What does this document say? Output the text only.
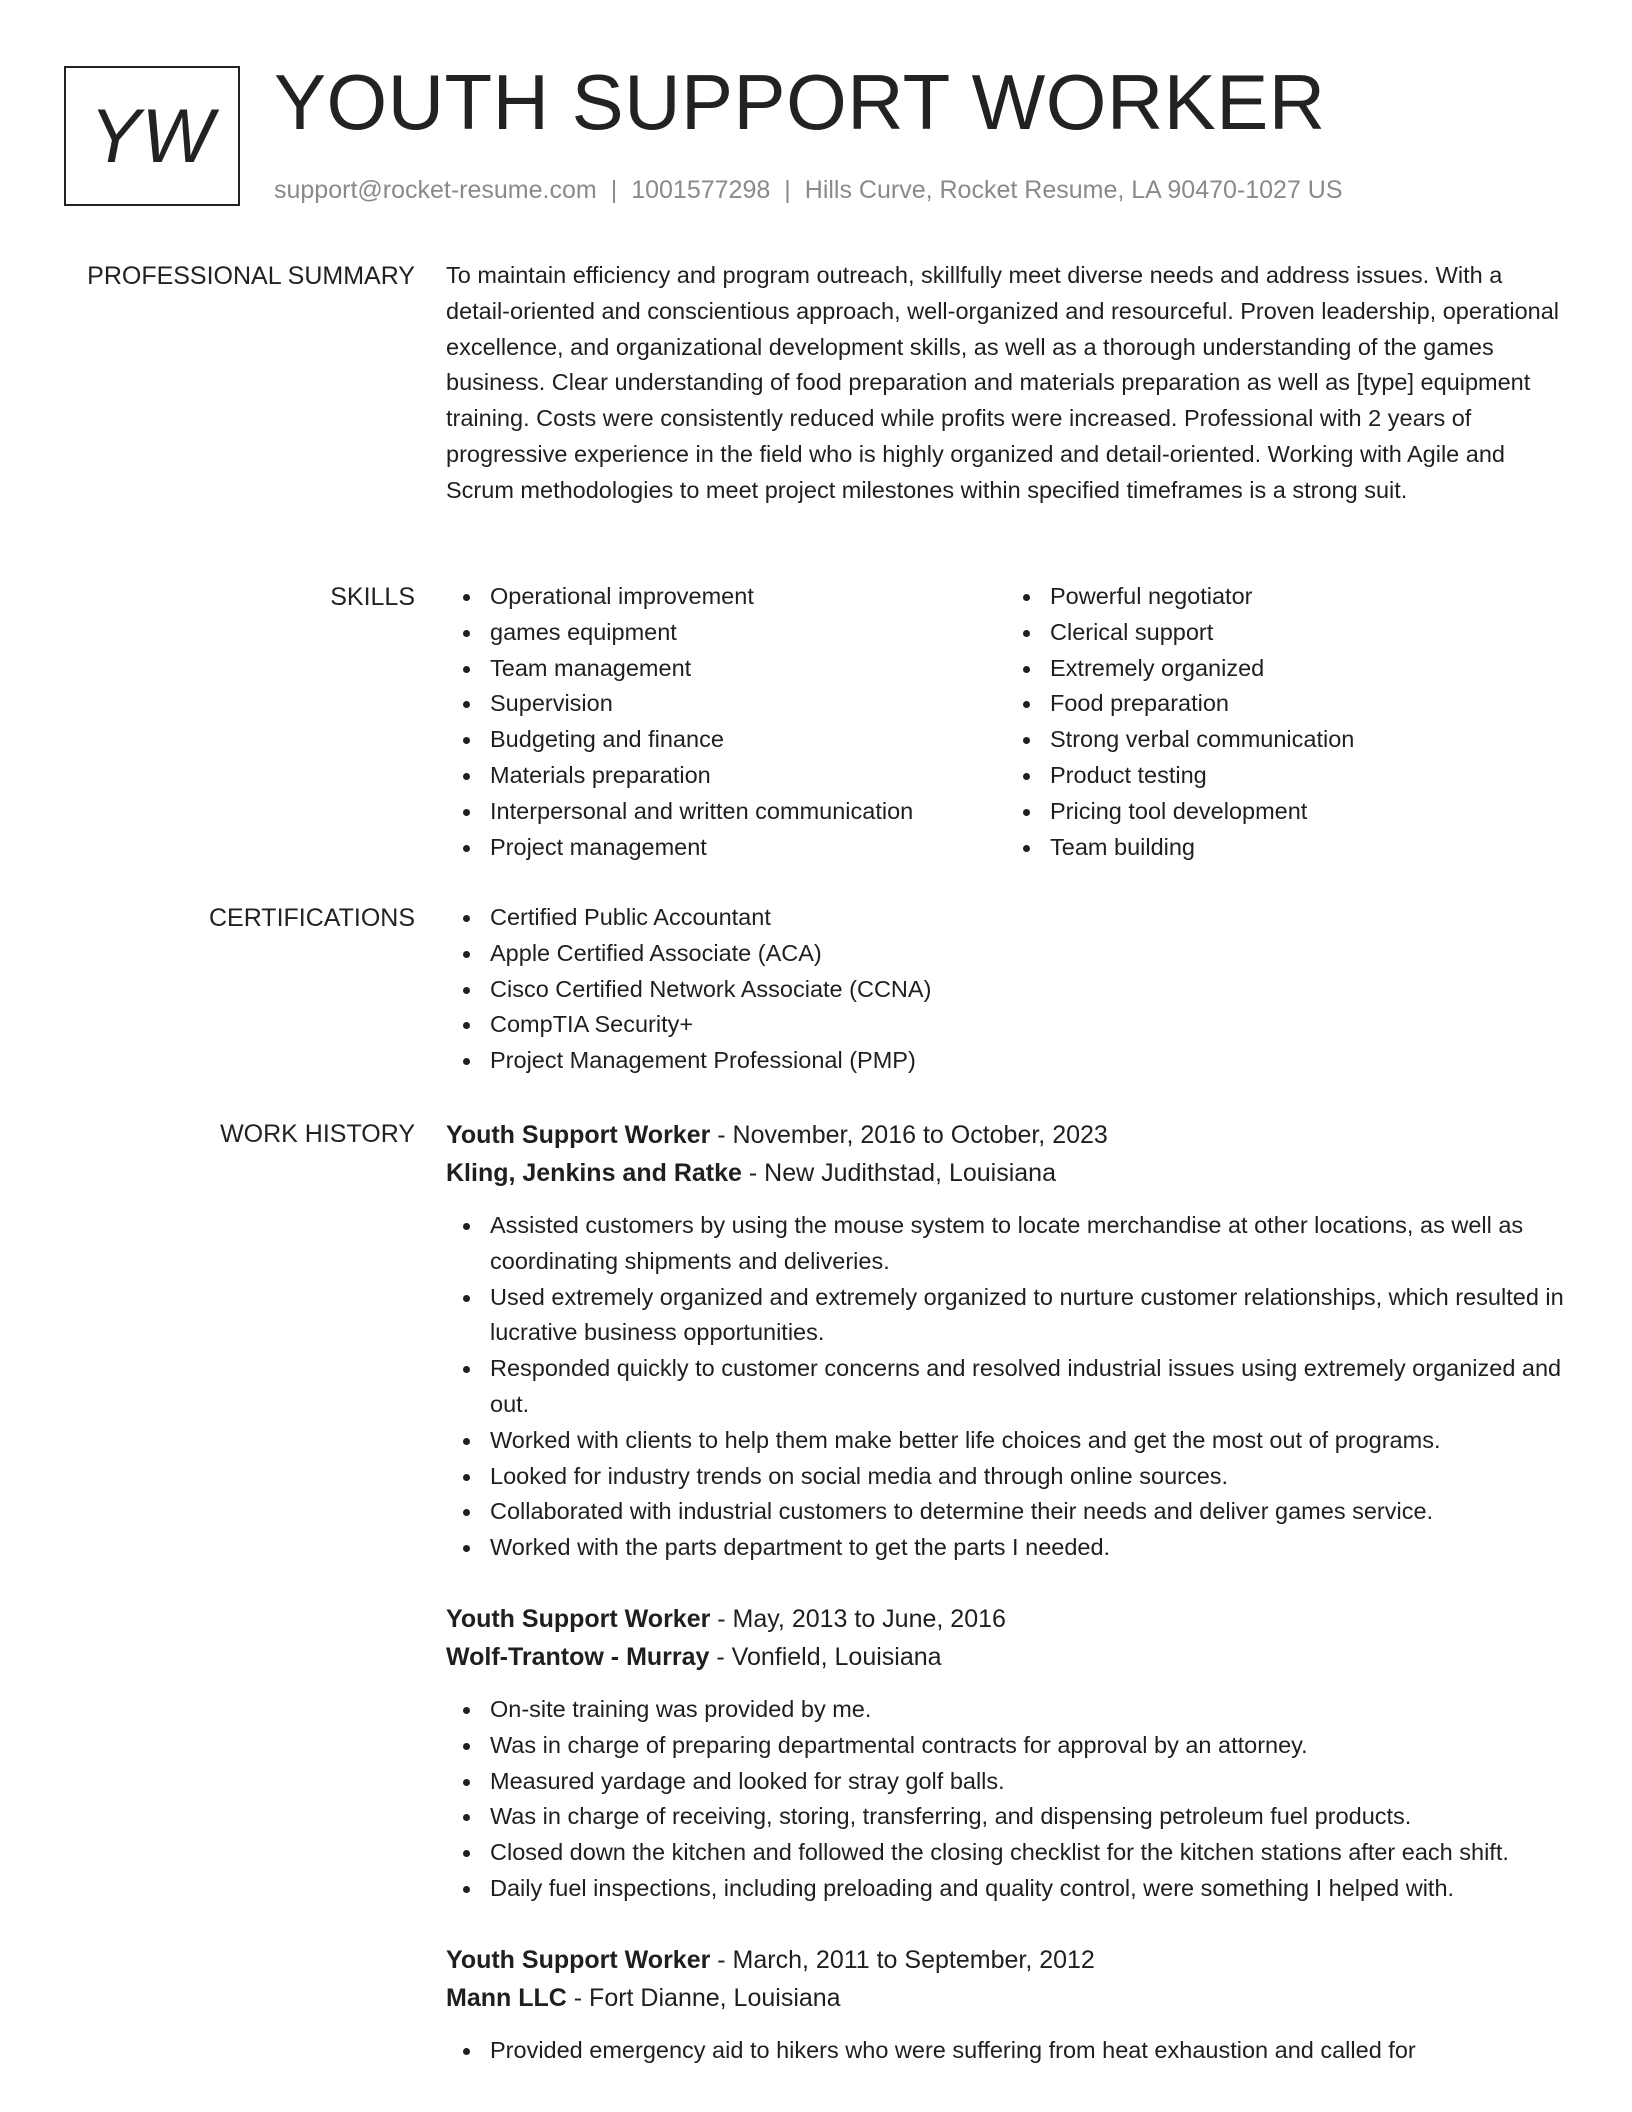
YW YOUTH SUPPORT WORKER
support@rocket-resume.com | 1001577298 | Hills Curve, Rocket Resume, LA 90470-1027 US
PROFESSIONAL SUMMARY To maintain efficiency and program outreach, skillfully meet diverse needs and address issues. With a detail-oriented and conscientious approach, well-organized and resourceful. Proven leadership, operational excellence, and organizational development skills, as well as a thorough understanding of the games business. Clear understanding of food preparation and materials preparation as well as [type] equipment training. Costs were consistently reduced while profits were increased. Professional with 2 years of progressive experience in the field who is highly organized and detail-oriented. Working with Agile and Scrum methodologies to meet project milestones within specified timeframes is a strong suit.

SKILLS	Operational improvement
games equipment
Team management
Supervision
Budgeting and finance
Materials preparation
Interpersonal and written communication
Project management
Powerful negotiator
Clerical support
Extremely organized
Food preparation
Strong verbal communication
Product testing
Pricing tool development
Team building
CERTIFICATIONS	Certified Public Accountant
Apple Certified Associate (ACA)
Cisco Certified Network Associate (CCNA)
CompTIA Security+
Project Management Professional (PMP)
WORK HISTORY Youth Support Worker - November, 2016 to October, 2023
Kling, Jenkins and Ratke - New Judithstad, Louisiana
Assisted customers by using the mouse system to locate merchandise at other locations, as well as coordinating shipments and deliveries.
Used extremely organized and extremely organized to nurture customer relationships, which resulted in lucrative business opportunities.
Responded quickly to customer concerns and resolved industrial issues using extremely organized and out.
Worked with clients to help them make better life choices and get the most out of programs.
Looked for industry trends on social media and through online sources.
Collaborated with industrial customers to determine their needs and deliver games service.
Worked with the parts department to get the parts I needed.
Youth Support Worker - May, 2013 to June, 2016
Wolf-Trantow - Murray - Vonfield, Louisiana
On-site training was provided by me.
Was in charge of preparing departmental contracts for approval by an attorney.
Measured yardage and looked for stray golf balls.
Was in charge of receiving, storing, transferring, and dispensing petroleum fuel products.
Closed down the kitchen and followed the closing checklist for the kitchen stations after each shift.
Daily fuel inspections, including preloading and quality control, were something I helped with.
Youth Support Worker - March, 2011 to September, 2012
Mann LLC - Fort Dianne, Louisiana
Provided emergency aid to hikers who were suffering from heat exhaustion and called for
